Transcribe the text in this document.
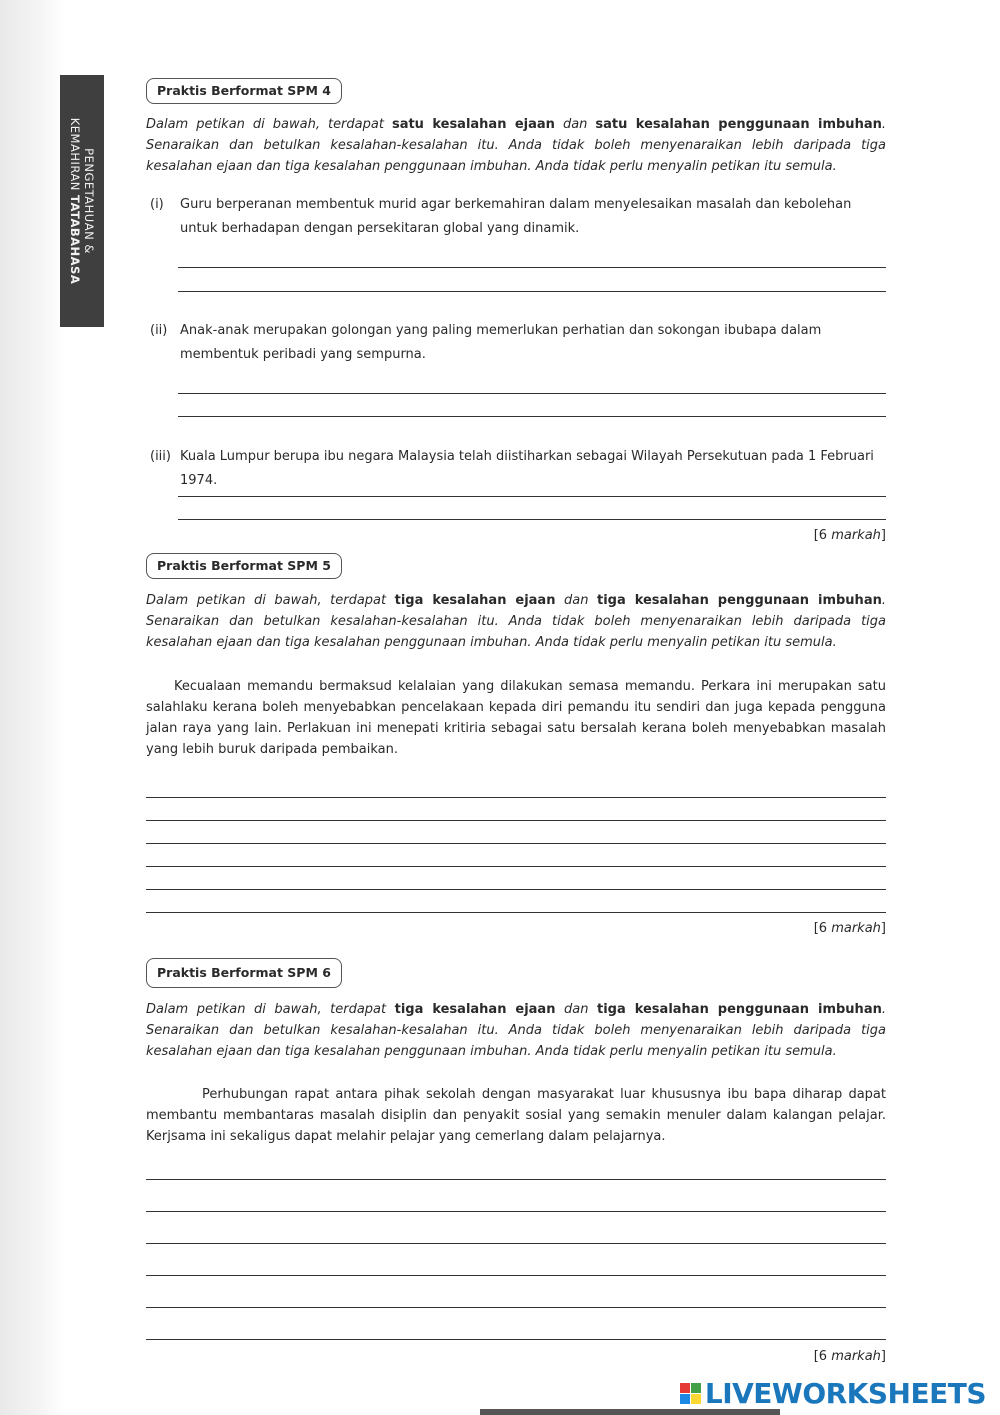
PENGETAHUAN &
KEMAHIRAN TATABAHASA
Praktis Berformat SPM 4

Dalam petikan di bawah, terdapat satu kesalahan ejaan dan satu kesalahan penggunaan imbuhan. Senaraikan dan betulkan kesalahan-kesalahan itu. Anda tidak boleh menyenaraikan lebih daripada tiga kesalahan ejaan dan tiga kesalahan penggunaan imbuhan. Anda tidak perlu menyalin petikan itu semula.

(i) Guru berperanan membentuk murid agar berkemahiran dalam menyelesaikan masalah dan kebolehan untuk berhadapan dengan persekitaran global yang dinamik.
(ii) Anak-anak merupakan golongan yang paling memerlukan perhatian dan sokongan ibubapa dalam membentuk peribadi yang sempurna.
(iii) Kuala Lumpur berupa ibu negara Malaysia telah diistiharkan sebagai Wilayah Persekutuan pada 1 Februari 1974.
[6 markah]
Praktis Berformat SPM 5

Dalam petikan di bawah, terdapat tiga kesalahan ejaan dan tiga kesalahan penggunaan imbuhan. Senaraikan dan betulkan kesalahan-kesalahan itu. Anda tidak boleh menyenaraikan lebih daripada tiga kesalahan ejaan dan tiga kesalahan penggunaan imbuhan. Anda tidak perlu menyalin petikan itu semula.

Kecualaan memandu bermaksud kelalaian yang dilakukan semasa memandu. Perkara ini merupakan satu salahlaku kerana boleh menyebabkan pencelakaan kepada diri pemandu itu sendiri dan juga kepada pengguna jalan raya yang lain. Perlakuan ini menepati kritiria sebagai satu bersalah kerana boleh menyebabkan masalah yang lebih buruk daripada pembaikan.

[6 markah]
Praktis Berformat SPM 6

Dalam petikan di bawah, terdapat tiga kesalahan ejaan dan tiga kesalahan penggunaan imbuhan. Senaraikan dan betulkan kesalahan-kesalahan itu. Anda tidak boleh menyenaraikan lebih daripada tiga kesalahan ejaan dan tiga kesalahan penggunaan imbuhan. Anda tidak perlu menyalin petikan itu semula.

Perhubungan rapat antara pihak sekolah dengan masyarakat luar khususnya ibu bapa diharap dapat membantu membantaras masalah disiplin dan penyakit sosial yang semakin menuler dalam kalangan pelajar. Kerjsama ini sekaligus dapat melahir pelajar yang cemerlang dalam pelajarnya.

[6 markah]
LIVEWORKSHEETS
